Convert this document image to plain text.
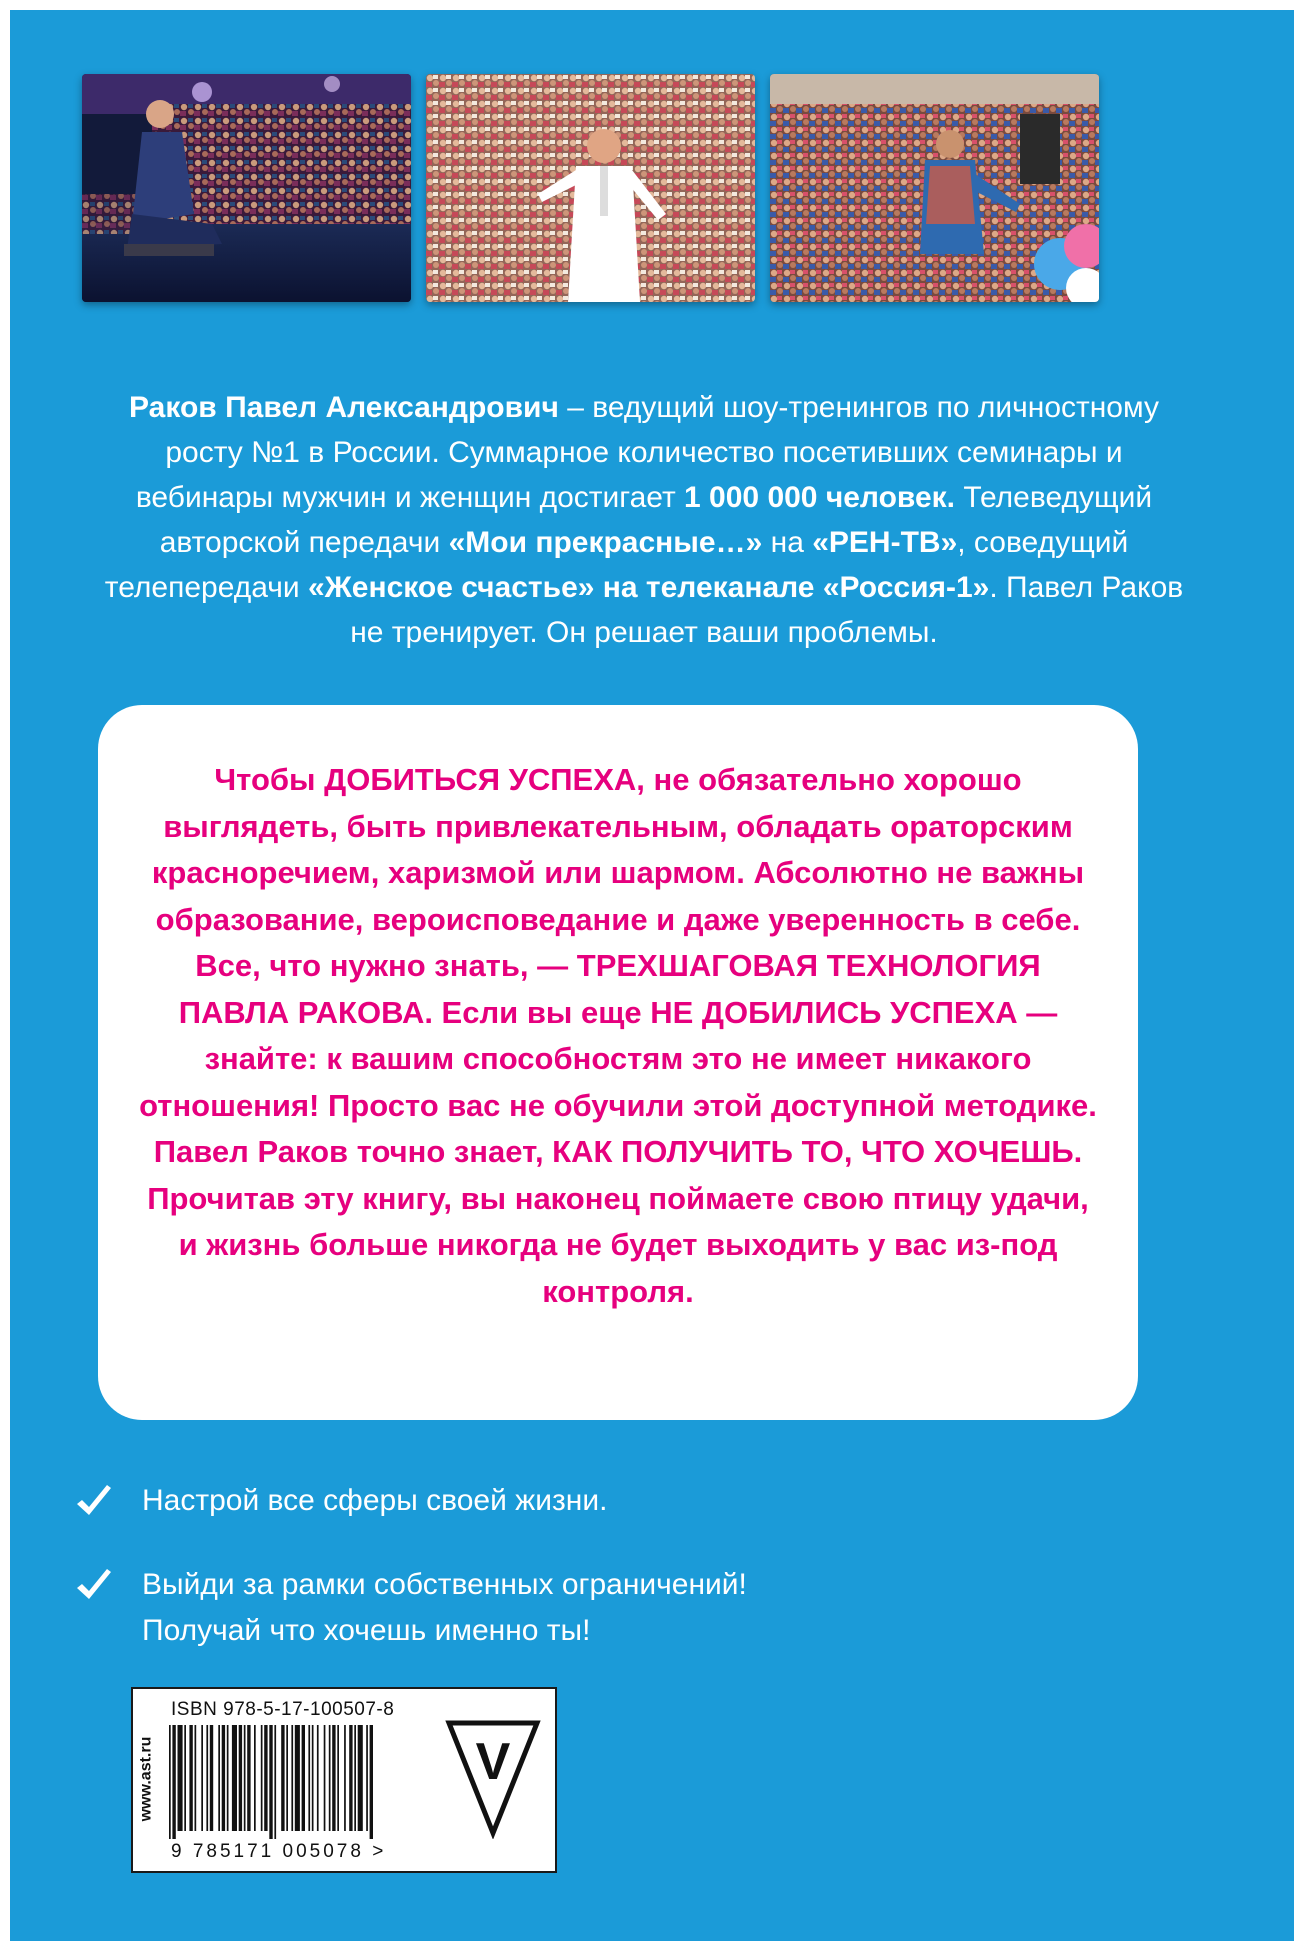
Раков Павел Александрович – ведущий шоу-тренингов по личностному росту №1 в России. Суммарное количество посетивших семинары и вебинары мужчин и женщин достигает 1 000 000 человек. Телеведущий авторской передачи «Мои прекрасные…» на «РЕН-ТВ», соведущий телепередачи «Женское счастье» на телеканале «Россия-1». Павел Раков не тренирует. Он решает ваши проблемы.

Чтобы ДОБИТЬСЯ УСПЕХА, не обязательно хорошо выглядеть, быть привлекательным, обладать ораторским красноречием, харизмой или шармом. Абсолютно не важны образование, вероисповедание и даже уверенность в себе. Все, что нужно знать, — ТРЕХШАГОВАЯ ТЕХНОЛОГИЯ ПАВЛА РАКОВА. Если вы еще НЕ ДОБИЛИСЬ УСПЕХА — знайте: к вашим способностям это не имеет никакого отношения! Просто вас не обучили этой доступной методике. Павел Раков точно знает, КАК ПОЛУЧИТЬ ТО, ЧТО ХОЧЕШЬ. Прочитав эту книгу, вы наконец поймаете свою птицу удачи, и жизнь больше никогда не будет выходить у вас из-под контроля.

Настрой все сферы своей жизни.
Выйди за рамки собственных ограничений!
Получай что хочешь именно ты!
www.ast.ru
ISBN 978-5-17-100507-8
9 785171 005078 >
V
